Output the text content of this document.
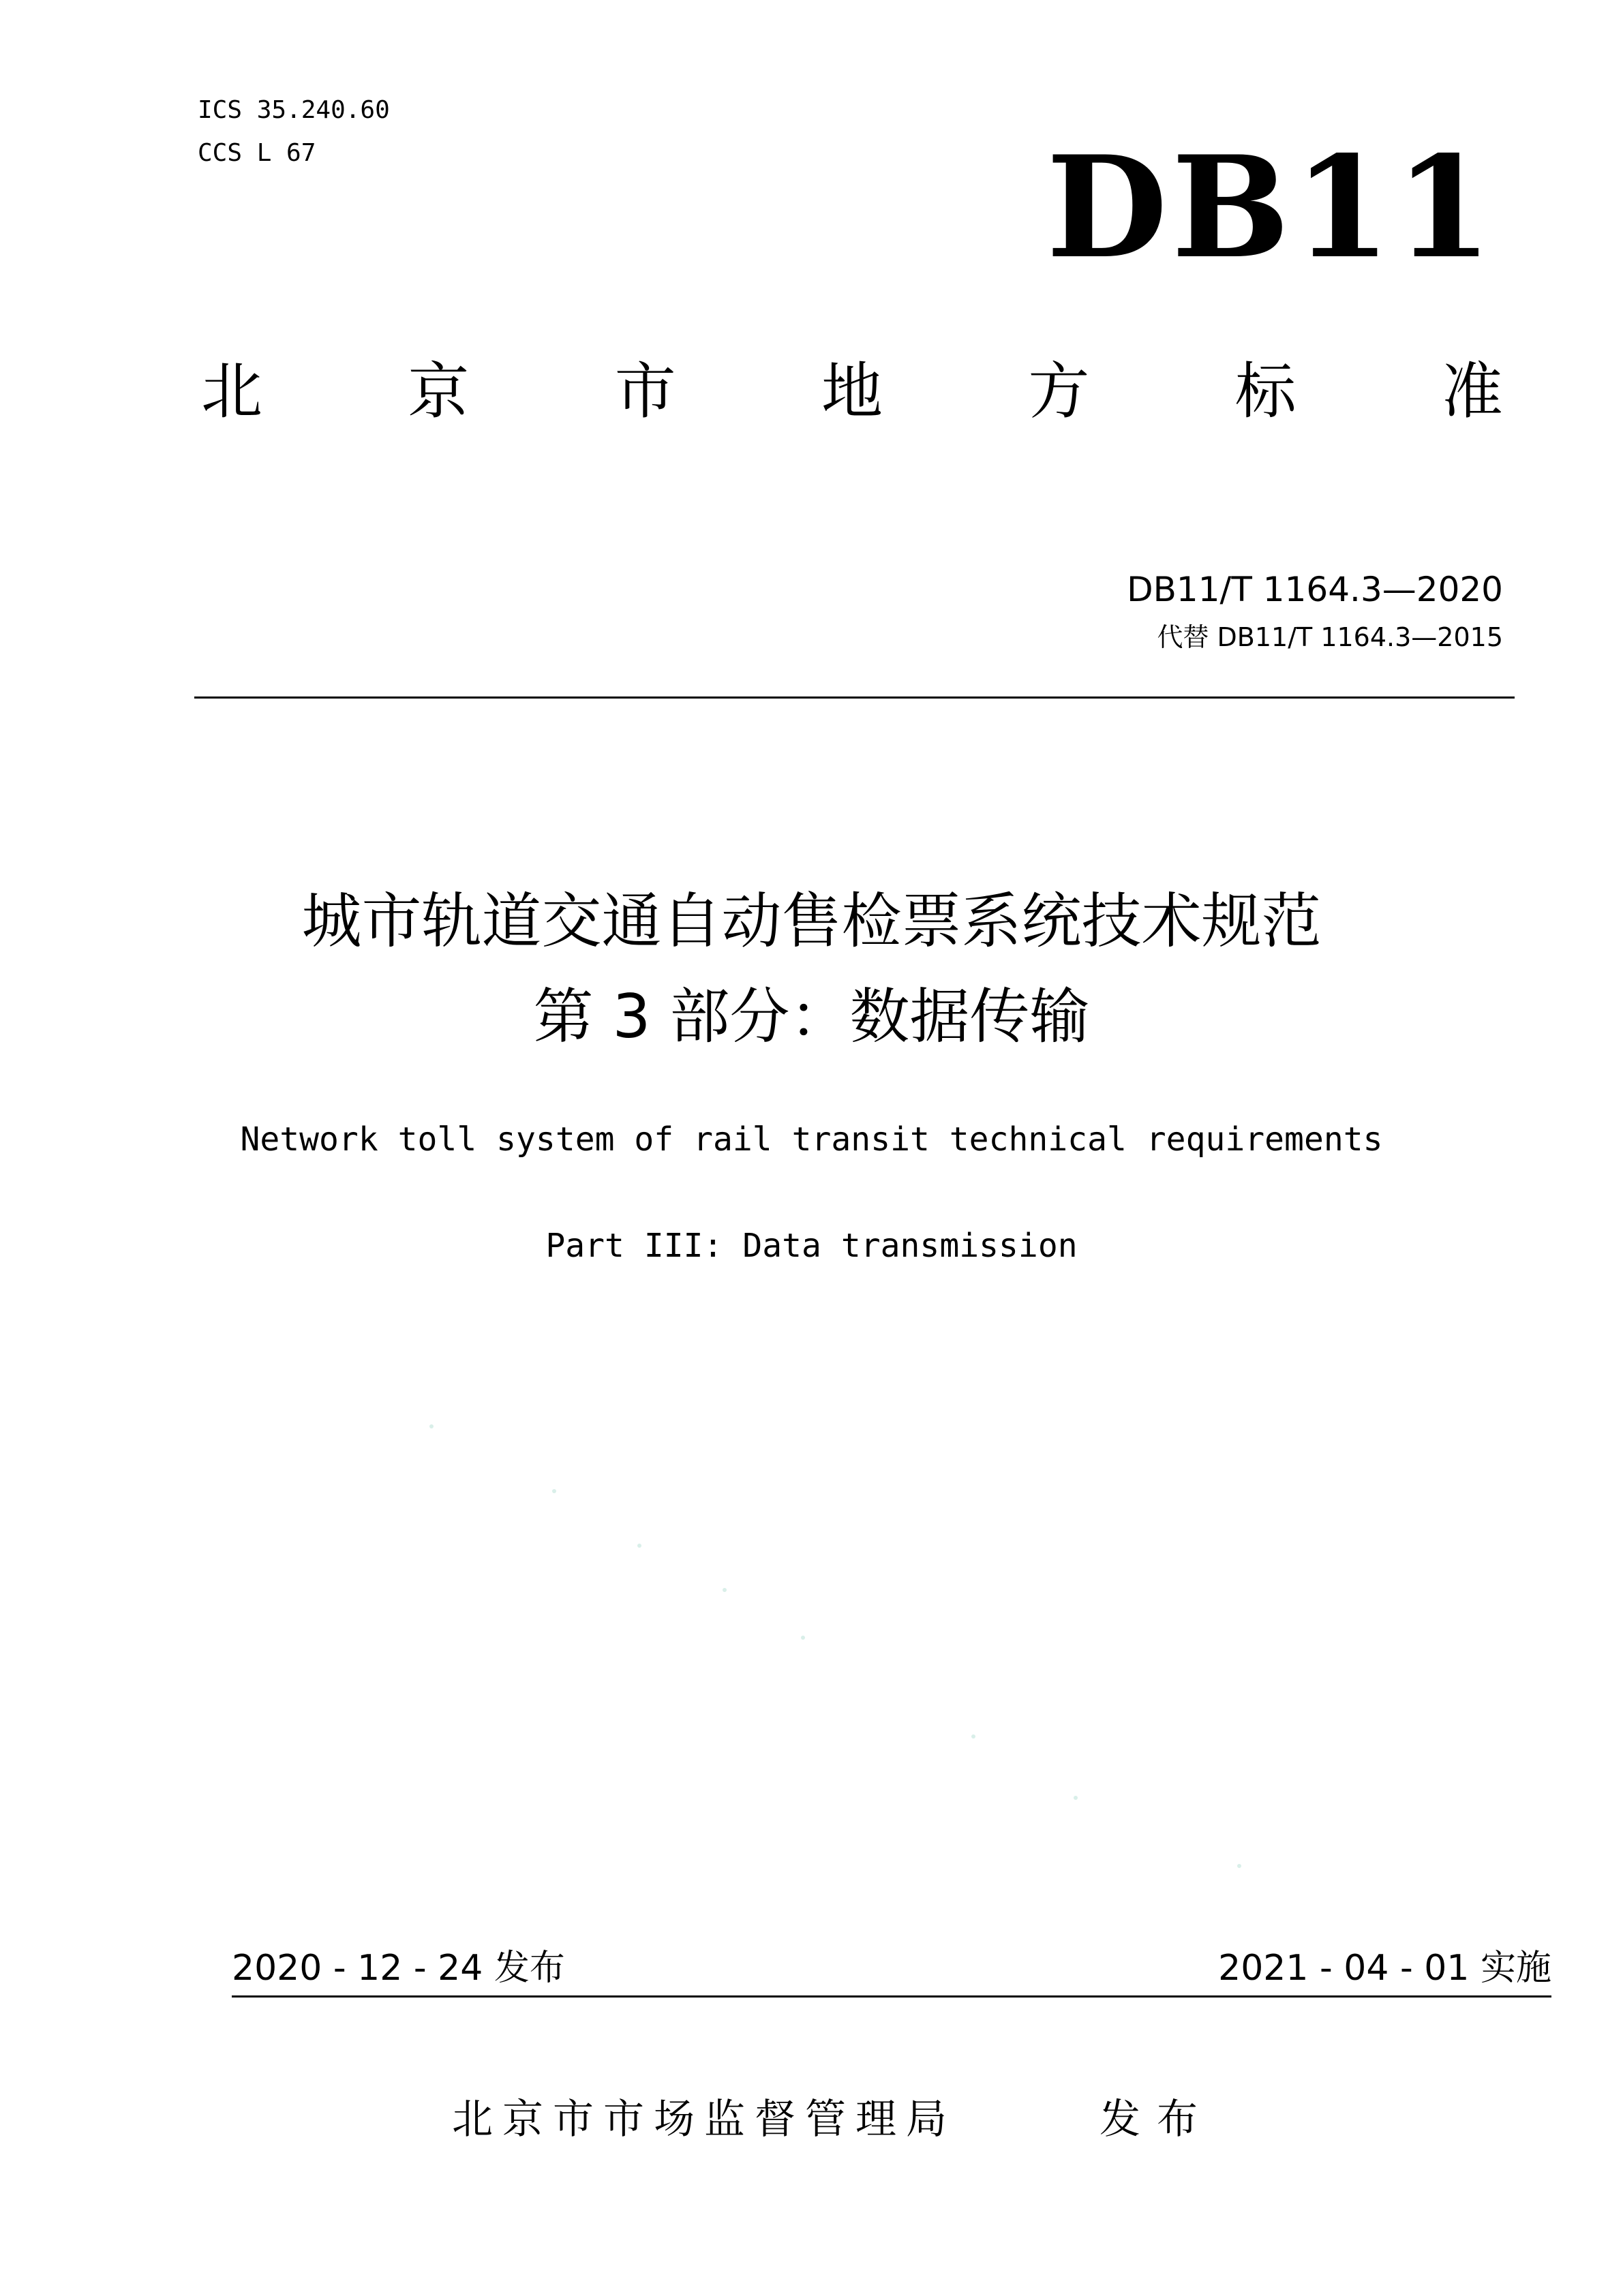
ICS 35.240.60
CCS L 67	DB11
北 京 市 地 方 标 准
DB11/T 1164.3—2020
代替 DB11/T 1164.3—2015
城市轨道交通自动售检票系统技术规范
第 3 部分：数据传输
Network toll system of rail transit technical requirements
Part III: Data transmission
2020 - 12 - 24 发布	2021 - 04 - 01 实施
北京市市场监督管理局	发布
